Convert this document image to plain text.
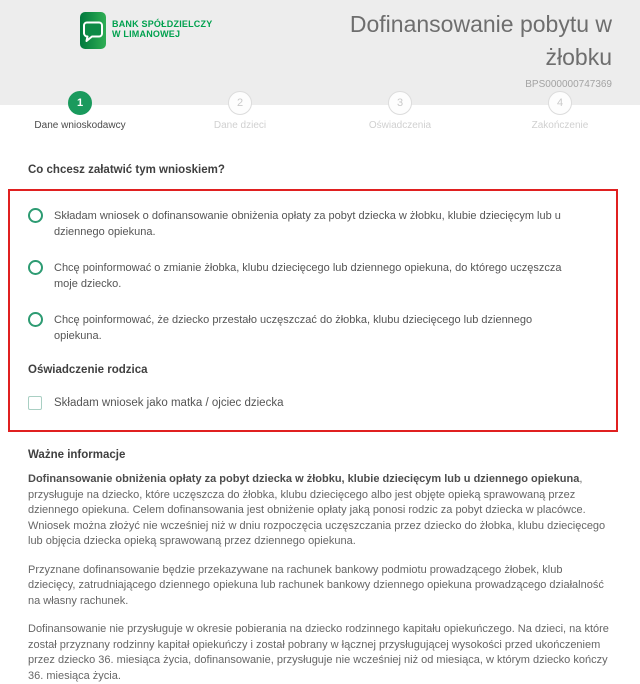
BANK SPÓŁDZIELCZY
W LIMANOWEJ	Dofinansowanie pobytu w
żłobku
BPS000000747369
1
Dane wnioskodawcy
2
Dane dzieci
3
Oświadczenia
4
Zakończenie
Co chcesz załatwić tym wnioskiem?
Składam wniosek o dofinansowanie obniżenia opłaty za pobyt dziecka w żłobku, klubie dziecięcym lub u dziennego opiekuna.
Chcę poinformować o zmianie żłobka, klubu dziecięcego lub dziennego opiekuna, do którego uczęszcza moje dziecko.
Chcę poinformować, że dziecko przestało uczęszczać do żłobka, klubu dziecięcego lub dziennego opiekuna.
Oświadczenie rodzica
Składam wniosek jako matka / ojciec dziecka
Ważne informacje

Dofinansowanie obniżenia opłaty za pobyt dziecka w żłobku, klubie dziecięcym lub u dziennego opiekuna, przysługuje na dziecko, które uczęszcza do żłobka, klubu dziecięcego albo jest objęte opieką sprawowaną przez dziennego opiekuna. Celem dofinansowania jest obniżenie opłaty jaką ponosi rodzic za pobyt dziecka w placówce. Wniosek można złożyć nie wcześniej niż w dniu rozpoczęcia uczęszczania przez dziecko do żłobka, klubu dziecięcego lub objęcia dziecka opieką sprawowaną przez dziennego opiekuna.

Przyznane dofinansowanie będzie przekazywane na rachunek bankowy podmiotu prowadzącego żłobek, klub dziecięcy, zatrudniającego dziennego opiekuna lub rachunek bankowy dziennego opiekuna prowadzącego działalność na własny rachunek.

Dofinansowanie nie przysługuje w okresie pobierania na dziecko rodzinnego kapitału opiekuńczego. Na dzieci, na które został przyznany rodzinny kapitał opiekuńczy i został pobrany w łącznej przysługującej wysokości przed ukończeniem przez dziecko 36. miesiąca życia, dofinansowanie, przysługuje nie wcześniej niż od miesiąca, w którym dziecko kończy 36. miesiąca życia.
